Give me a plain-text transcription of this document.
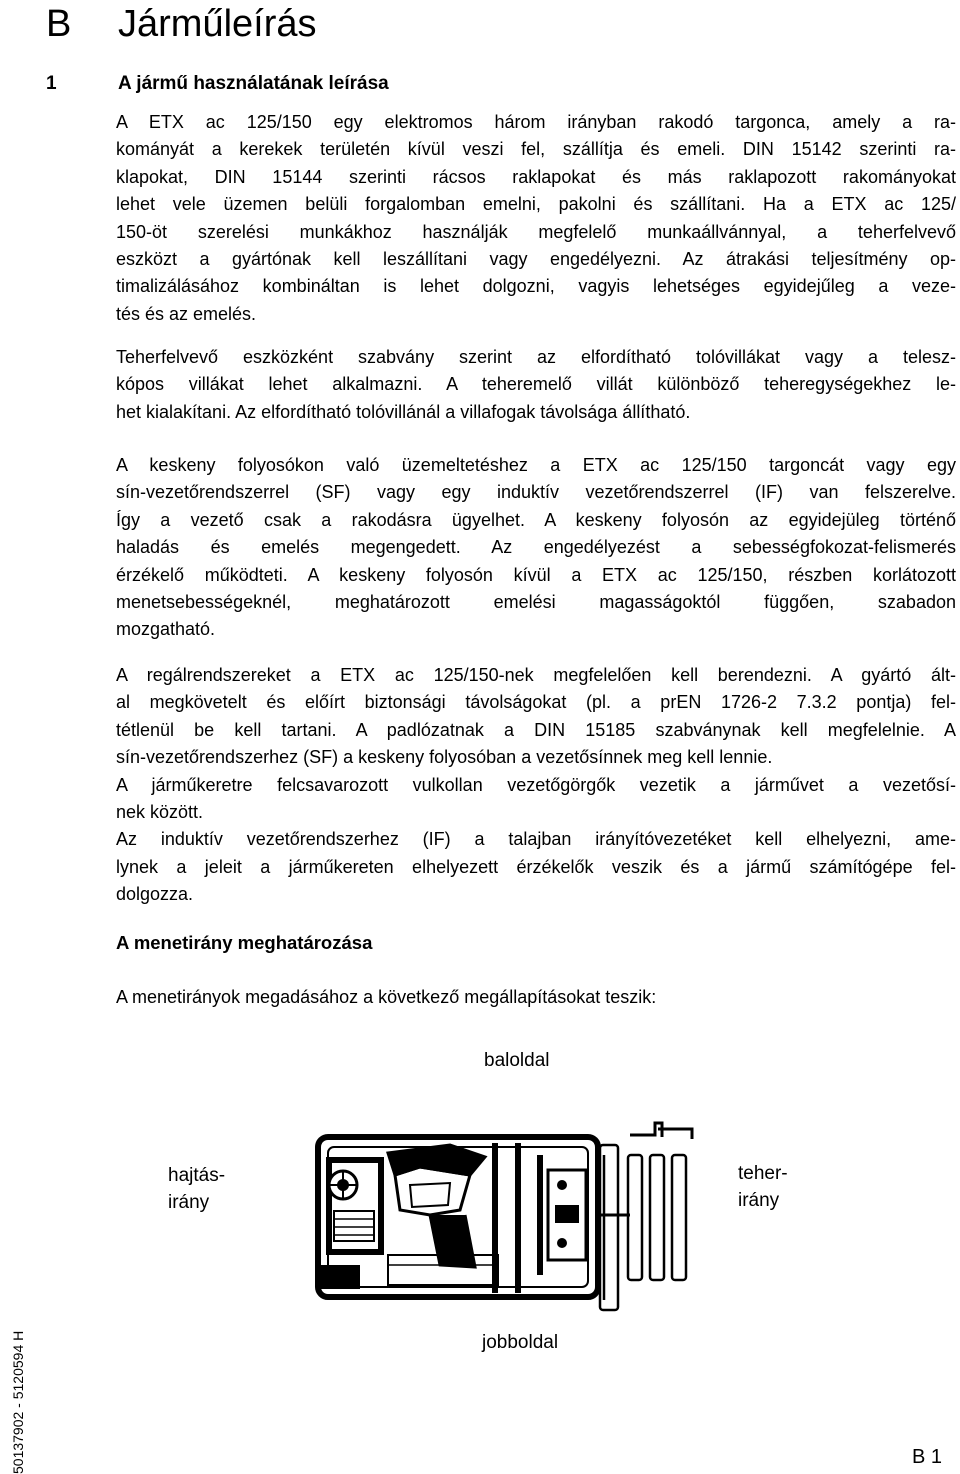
B Járműleírás
1	A jármű használatának leírása
A ETX ac 125/150 egy elektromos három irányban rakodó targonca, amely a ra-
kományát a kerekek területén kívül veszi fel, szállítja és emeli. DIN 15142 szerinti ra-
klapokat, DIN 15144 szerinti rácsos raklapokat és más raklapozott rakományokat
lehet vele üzemen belüli forgalomban emelni, pakolni és szállítani. Ha a ETX ac 125/
150-öt szerelési munkákhoz használják megfelelő munkaállvánnyal, a teherfelvevő
eszközt a gyártónak kell leszállítani vagy engedélyezni. Az átrakási teljesítmény op-
timalizálásához kombináltan is lehet dolgozni, vagyis lehetséges egyidejűleg a veze-
tés és az emelés.
Teherfelvevő eszközként szabvány szerint az elfordítható tolóvillákat vagy a telesz-
kópos villákat lehet alkalmazni. A teheremelő villát különböző teheregységekhez le-
het kialakítani. Az elfordítható tolóvillánál a villafogak távolsága állítható.
A keskeny folyosókon való üzemeltetéshez a ETX ac 125/150 targoncát vagy egy
sín-vezetőrendszerrel (SF) vagy egy induktív vezetőrendszerrel (IF) van felszerelve.
Így a vezető csak a rakodásra ügyelhet. A keskeny folyosón az egyidejüleg történő
haladás és emelés megengedett. Az engedélyezést a sebességfokozat-felismerés
érzékelő működteti. A keskeny folyosón kívül a ETX ac 125/150, részben korlátozott
menetsebességeknél, meghatározott emelési magasságoktól függően, szabadon
mozgatható.
A regálrendszereket a ETX ac 125/150-nek megfelelően kell berendezni. A gyártó ált-
al megkövetelt és előírt biztonsági távolságokat (pl. a prEN 1726-2 7.3.2 pontja) fel-
tétlenül be kell tartani. A padlózatnak a DIN 15185 szabványnak kell megfelelnie. A
sín-vezetőrendszerhez (SF) a keskeny folyosóban a vezetősínnek meg kell lennie.
A járműkeretre felcsavarozott vulkollan vezetőgörgők vezetik a járművet a vezetősí-
nek között.
Az induktív vezetőrendszerhez (IF) a talajban irányítóvezetéket kell elhelyezni, ame-
lynek a jeleit a járműkereten elhelyezett érzékelők veszik és a jármű számítógépe fel-
dolgozza.
A menetirány meghatározása
A menetirányok megadásához a következő megállapításokat teszik:
baloldal
jobboldal
hajtás-
irány
teher-
irány
50137902 - 5120594 H	B 1
